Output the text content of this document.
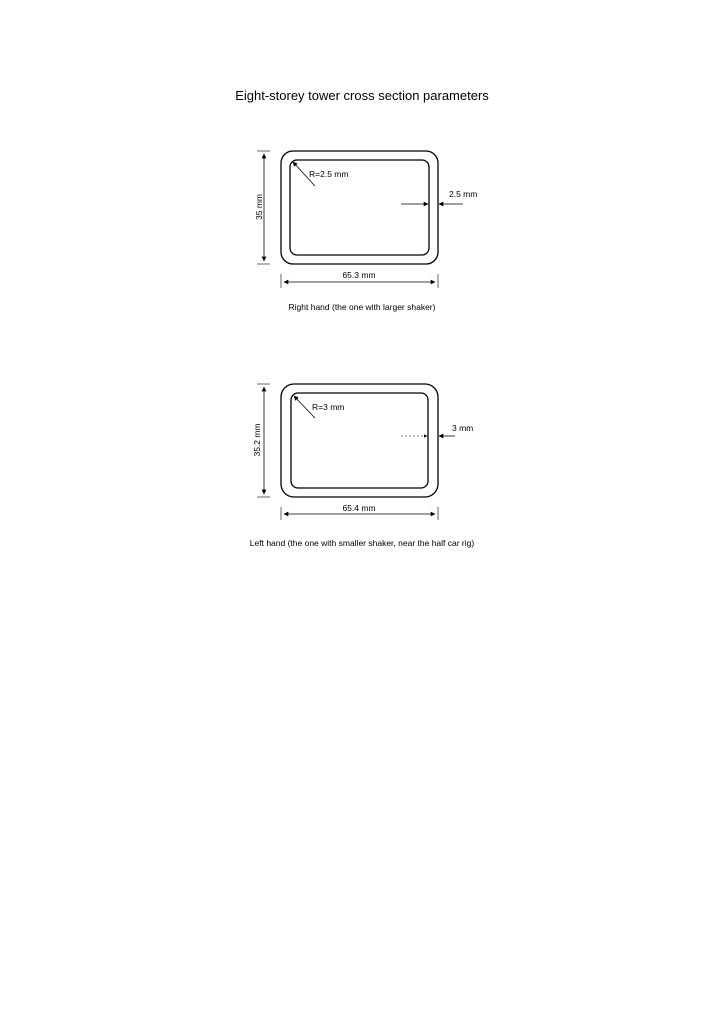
Eight-storey tower cross section parameters
R=2.5 mm
2.5 mm
35 mm
65.3 mm
R=3 mm
3 mm
35.2 mm
65.4 mm
Right hand (the one with larger shaker)
Left hand (the one with smaller shaker, near the half car rig)
